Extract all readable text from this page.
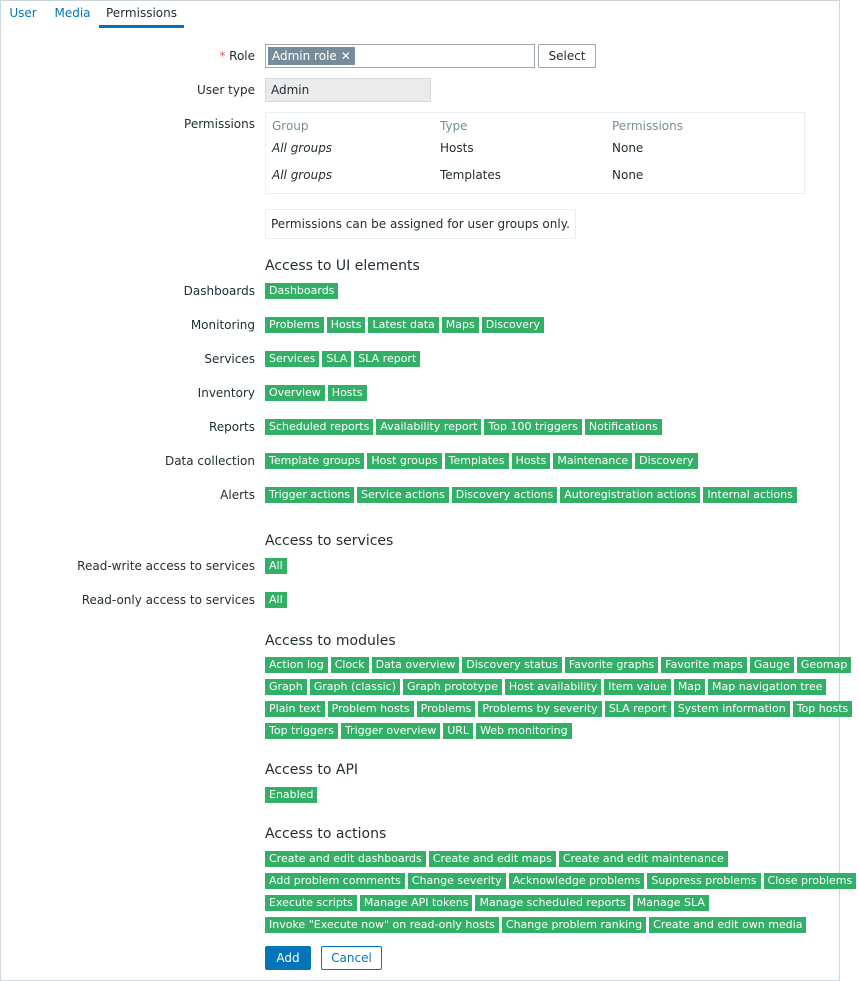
User	Media	Permissions
* Role	Admin role ✕	Select
User type	Admin
Permissions Group	Type	Permissions
All groups	Hosts	None
All groups	Templates	None
Permissions can be assigned for user groups only.
Access to UI elements
Dashboards	Dashboards
Monitoring	Problems	Hosts	Latest data	Maps	Discovery
Services	Services	SLA	SLA report
Inventory	Overview	Hosts
Reports	Scheduled reports	Availability report	Top 100 triggers	Notifications
Data collection	Template groups	Host groups	Templates	Hosts	Maintenance	Discovery
Alerts	Trigger actions	Service actions	Discovery actions	Autoregistration actions	Internal actions
Access to services
Read-write access to services	All
Read-only access to services	All
Access to modules
Action log	Clock	Data overview	Discovery status	Favorite graphs	Favorite maps	Gauge	Geomap
Graph	Graph (classic)	Graph prototype	Host availability	Item value	Map	Map navigation tree
Plain text	Problem hosts	Problems	Problems by severity	SLA report	System information	Top hosts
Top triggers	Trigger overview	URL	Web monitoring
Access to API
Enabled
Access to actions
Create and edit dashboards	Create and edit maps	Create and edit maintenance
Add problem comments	Change severity	Acknowledge problems	Suppress problems	Close problems
Execute scripts	Manage API tokens	Manage scheduled reports	Manage SLA
Invoke "Execute now" on read-only hosts	Change problem ranking	Create and edit own media
Add	Cancel
